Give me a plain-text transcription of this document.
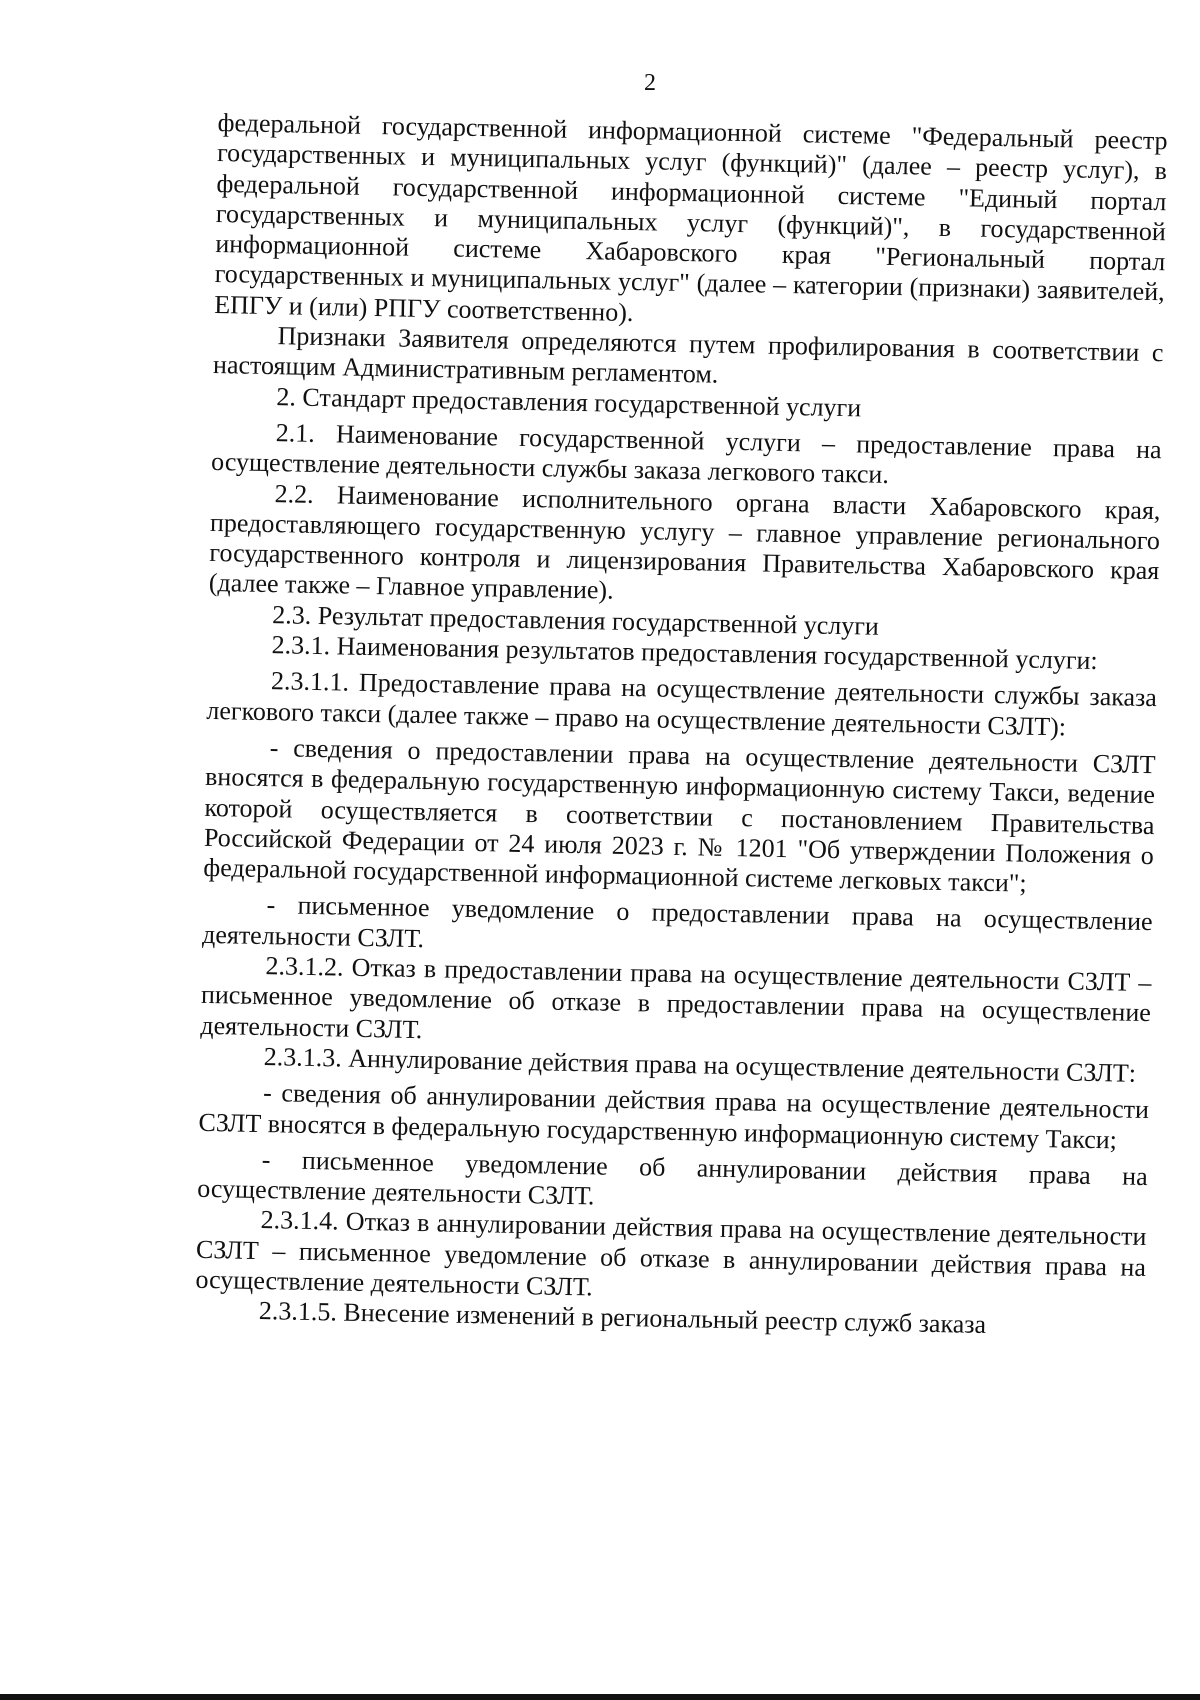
2

федеральной государственной информационной системе "Федеральный реестр государственных и муниципальных услуг (функций)" (далее – реестр услуг), в федеральной государственной информационной системе "Единый портал государственных и муниципальных услуг (функций)", в государственной информационной системе Хабаровского края "Региональный портал государственных и муниципальных услуг" (далее – категории (признаки) заявителей, ЕПГУ и (или) РПГУ соответственно).

Признаки Заявителя определяются путем профилирования в соответствии с настоящим Административным регламентом.

2. Стандарт предоставления государственной услуги

2.1. Наименование государственной услуги – предоставление права на осуществление деятельности службы заказа легкового такси.

2.2. Наименование исполнительного органа власти Хабаровского края, предоставляющего государственную услугу – главное управление регионального государственного контроля и лицензирования Правительства Хабаровского края (далее также – Главное управление).

2.3. Результат предоставления государственной услуги

2.3.1. Наименования результатов предоставления государственной услуги:

2.3.1.1. Предоставление права на осуществление деятельности службы заказа легкового такси (далее также – право на осуществление деятельности СЗЛТ):

- сведения о предоставлении права на осуществление деятельности СЗЛТ вносятся в федеральную государственную информационную систему Такси, ведение которой осуществляется в соответствии с постановлением Правительства Российской Федерации от 24 июля 2023 г. № 1201 "Об утверждении Положения о федеральной государственной информационной системе легковых такси";

- письменное уведомление о предоставлении права на осуществление деятельности СЗЛТ.

2.3.1.2. Отказ в предоставлении права на осуществление деятельности СЗЛТ – письменное уведомление об отказе в предоставлении права на осуществление деятельности СЗЛТ.

2.3.1.3. Аннулирование действия права на осуществление деятельности СЗЛТ:

- сведения об аннулировании действия права на осуществление деятельности СЗЛТ вносятся в федеральную государственную информационную систему Такси;

- письменное уведомление об аннулировании действия права на осуществление деятельности СЗЛТ.

2.3.1.4. Отказ в аннулировании действия права на осуществление деятельности СЗЛТ – письменное уведомление об отказе в аннулировании действия права на осуществление деятельности СЗЛТ.

2.3.1.5. Внесение изменений в региональный реестр служб заказа
